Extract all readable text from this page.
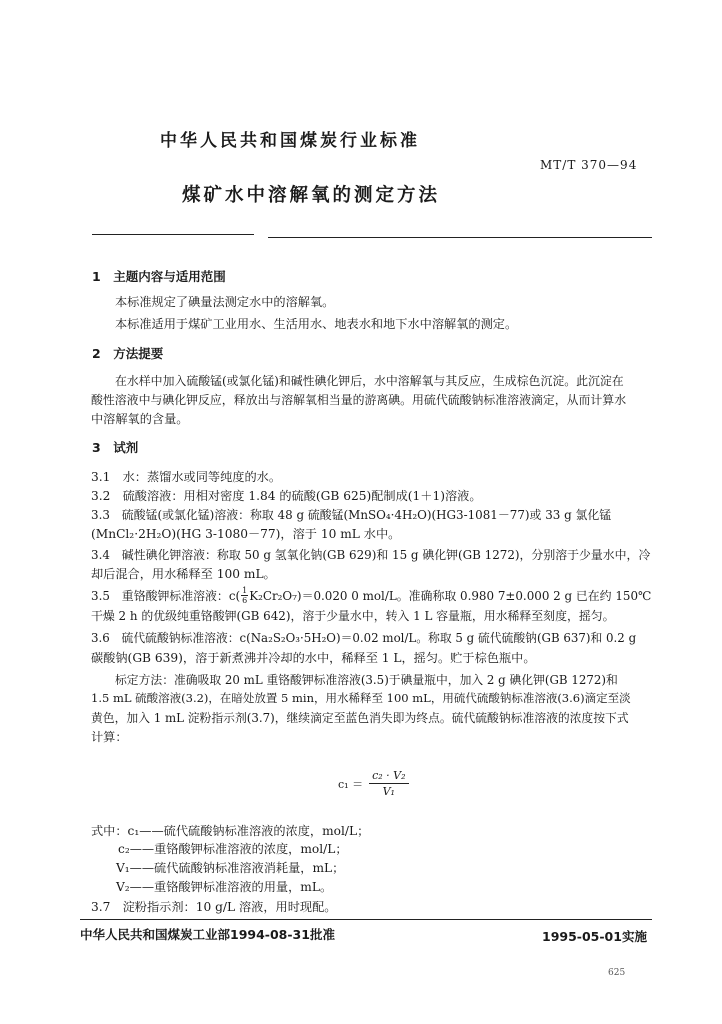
中华人民共和国煤炭行业标准
MT/T 370—94
煤矿水中溶解氧的测定方法
1　主题内容与适用范围
本标准规定了碘量法测定水中的溶解氧。
本标准适用于煤矿工业用水、生活用水、地表水和地下水中溶解氧的测定。
2　方法提要
在水样中加入硫酸锰(或氯化锰)和碱性碘化钾后，水中溶解氧与其反应，生成棕色沉淀。此沉淀在
酸性溶液中与碘化钾反应，释放出与溶解氧相当量的游离碘。用硫代硫酸钠标准溶液滴定，从而计算水
中溶解氧的含量。
3　试剂
3.1　水：蒸馏水或同等纯度的水。
3.2　硫酸溶液：用相对密度 1.84 的硫酸(GB 625)配制成(1＋1)溶液。
3.3　硫酸锰(或氯化锰)溶液：称取 48 g 硫酸锰(MnSO₄·4H₂O)(HG3-1081－77)或 33 g 氯化锰
(MnCl₂·2H₂O)(HG 3-1080－77)，溶于 10 mL 水中。
3.4　碱性碘化钾溶液：称取 50 g 氢氧化钠(GB 629)和 15 g 碘化钾(GB 1272)，分别溶于少量水中，冷
却后混合，用水稀释至 100 mL。
3.5　重铬酸钾标准溶液：$c( \frac{1}{6} K_2Cr_2O_7)=0.020$ 0 mol/L。准确称取 0.980 7±0.000 2 g 已在约 150℃
干燥 2 h 的优级纯重铬酸钾(GB 642)，溶于少量水中，转入 1 L 容量瓶，用水稀释至刻度，摇匀。
3.6　硫代硫酸钠标准溶液：c(Na₂S₂O₃·5H₂O)＝0.02 mol/L。称取 5 g 硫代硫酸钠(GB 637)和 0.2 g
碳酸钠(GB 639)，溶于新煮沸并冷却的水中，稀释至 1 L，摇匀。贮于棕色瓶中。
标定方法：准确吸取 20 mL 重铬酸钾标准溶液(3.5)于碘量瓶中，加入 2 g 碘化钾(GB 1272)和
1.5 mL 硫酸溶液(3.2)，在暗处放置 5 min，用水稀释至 100 mL，用硫代硫酸钠标准溶液(3.6)滴定至淡
黄色，加入 1 mL 淀粉指示剂(3.7)，继续滴定至蓝色消失即为终点。硫代硫酸钠标准溶液的浓度按下式
计算：
$c_1 = \frac{\text{c₂ · V₂}}{\text{V₁}}$
式中：c₁——硫代硫酸钠标准溶液的浓度，mol/L；
c₂——重铬酸钾标准溶液的浓度，mol/L；
V₁——硫代硫酸钠标准溶液消耗量，mL；
V₂——重铬酸钾标准溶液的用量，mL。
3.7　淀粉指示剂：10 g/L 溶液，用时现配。
中华人民共和国煤炭工业部1994-08-31批准	1995-05-01实施
625
